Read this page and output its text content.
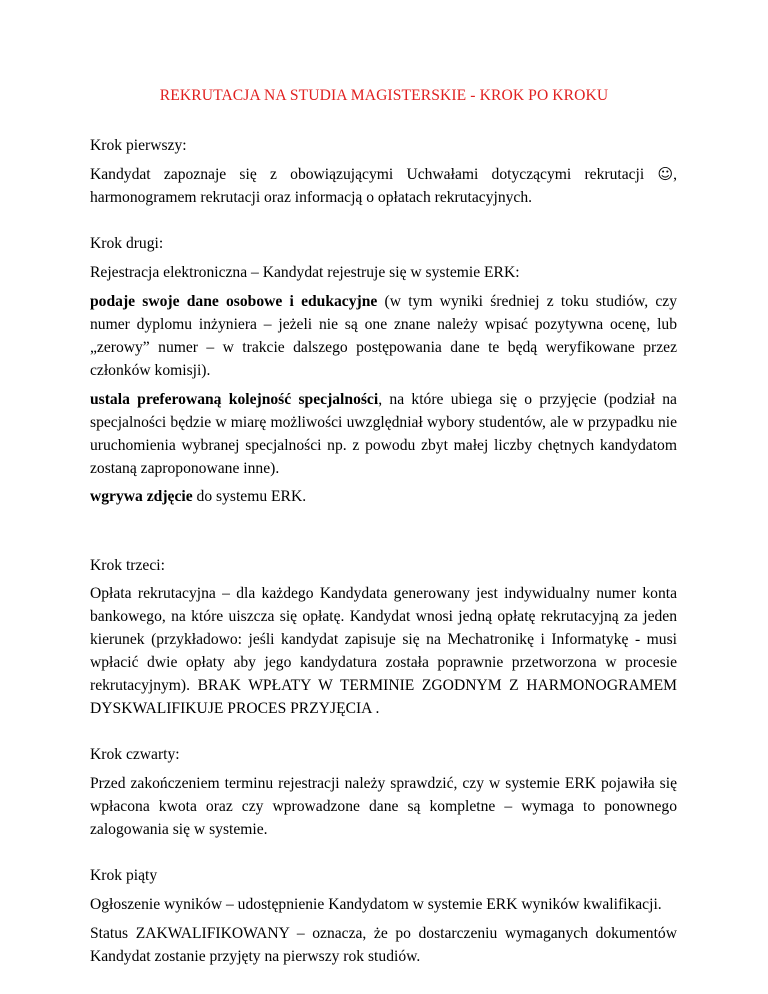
REKRUTACJA NA STUDIA MAGISTERSKIE - KROK PO KROKU
Krok pierwszy:

Kandydat zapoznaje się z obowiązującymi Uchwałami dotyczącymi rekrutacji ☺, harmonogramem rekrutacji oraz informacją o opłatach rekrutacyjnych.

Krok drugi:

Rejestracja elektroniczna – Kandydat rejestruje się w systemie ERK:

podaje swoje dane osobowe i edukacyjne (w tym wyniki średniej z toku studiów, czy numer dyplomu inżyniera – jeżeli nie są one znane należy wpisać pozytywna ocenę, lub „zerowy” numer – w trakcie dalszego postępowania dane te będą weryfikowane przez członków komisji).

ustala preferowaną kolejność specjalności, na które ubiega się o przyjęcie (podział na specjalności będzie w miarę możliwości uwzględniał wybory studentów, ale w przypadku nie uruchomienia wybranej specjalności np. z powodu zbyt małej liczby chętnych kandydatom zostaną zaproponowane inne).

wgrywa zdjęcie do systemu ERK.

Krok trzeci:

Opłata rekrutacyjna – dla każdego Kandydata generowany jest indywidualny numer konta bankowego, na które uiszcza się opłatę. Kandydat wnosi jedną opłatę rekrutacyjną za jeden kierunek (przykładowo: jeśli kandydat zapisuje się na Mechatronikę i Informatykę - musi wpłacić dwie opłaty aby jego kandydatura została poprawnie przetworzona w procesie rekrutacyjnym). BRAK WPŁATY W TERMINIE ZGODNYM Z HARMONOGRAMEM DYSKWALIFIKUJE PROCES PRZYJĘCIA .

Krok czwarty:

Przed zakończeniem terminu rejestracji należy sprawdzić, czy w systemie ERK pojawiła się wpłacona kwota oraz czy wprowadzone dane są kompletne – wymaga to ponownego zalogowania się w systemie.

Krok piąty

Ogłoszenie wyników – udostępnienie Kandydatom w systemie ERK wyników kwalifikacji.

Status ZAKWALIFIKOWANY – oznacza, że po dostarczeniu wymaganych dokumentów Kandydat zostanie przyjęty na pierwszy rok studiów.
